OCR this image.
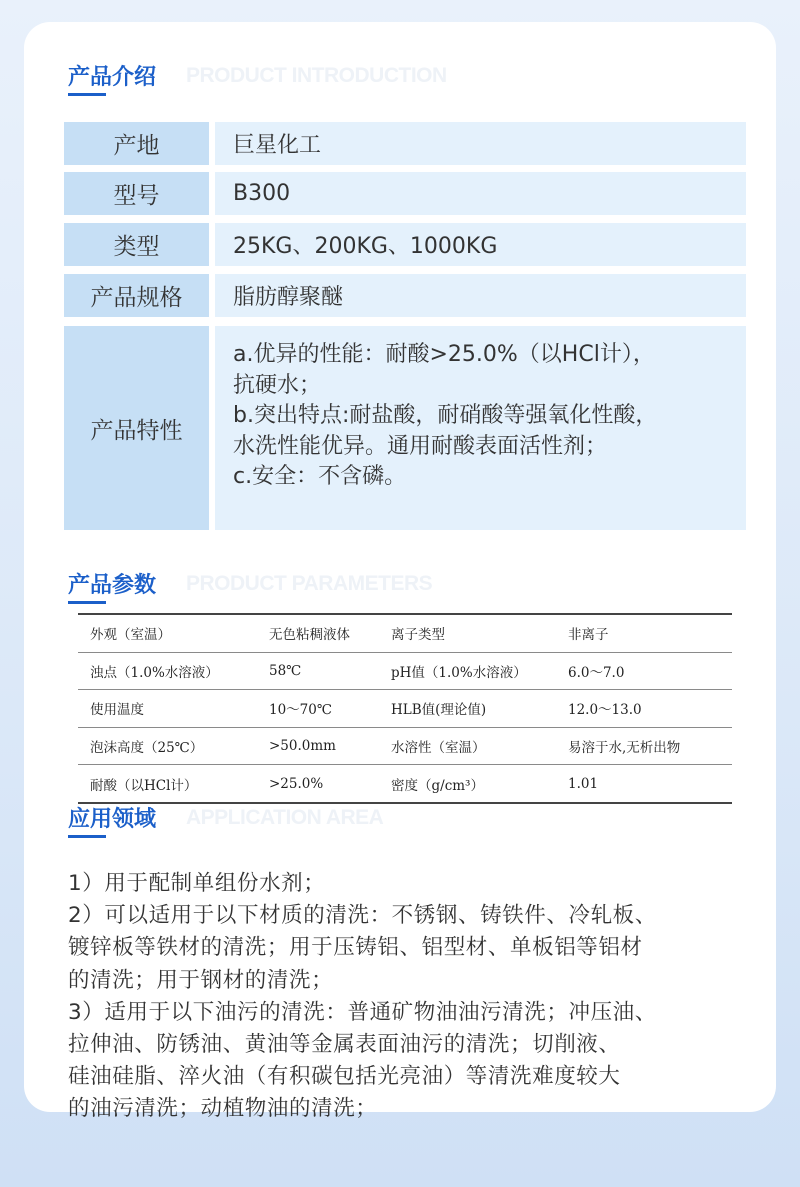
产品介绍 PRODUCT INTRODUCTION
产地	巨星化工
型号	B300
类型	25KG、200KG、1000KG
产品规格	脂肪醇聚醚
产品特性
a.优异的性能：耐酸>25.0%（以HCl计），
抗硬水；
b.突出特点:耐盐酸，耐硝酸等强氧化性酸，
水洗性能优异。通用耐酸表面活性剂；
c.安全：不含磷。
产品参数 PRODUCT PARAMETERS
外观（室温）	无色粘稠液体	离子类型	非离子
浊点（1.0%水溶液）	58℃	pH值（1.0%水溶液）	6.0～7.0
使用温度	10～70℃	HLB值(理论值)	12.0～13.0
泡沫高度（25℃）	>50.0mm	水溶性（室温）	易溶于水,无析出物
耐酸（以HCl计）	>25.0%	密度（g/cm³）	1.01
应用领域 APPLICATION AREA
1）用于配制单组份水剂；
2）可以适用于以下材质的清洗：不锈钢、铸铁件、冷轧板、
镀锌板等铁材的清洗；用于压铸铝、铝型材、单板铝等铝材
的清洗；用于钢材的清洗；
3）适用于以下油污的清洗：普通矿物油油污清洗；冲压油、
拉伸油、防锈油、黄油等金属表面油污的清洗；切削液、
硅油硅脂、淬火油（有积碳包括光亮油）等清洗难度较大
的油污清洗；动植物油的清洗；
